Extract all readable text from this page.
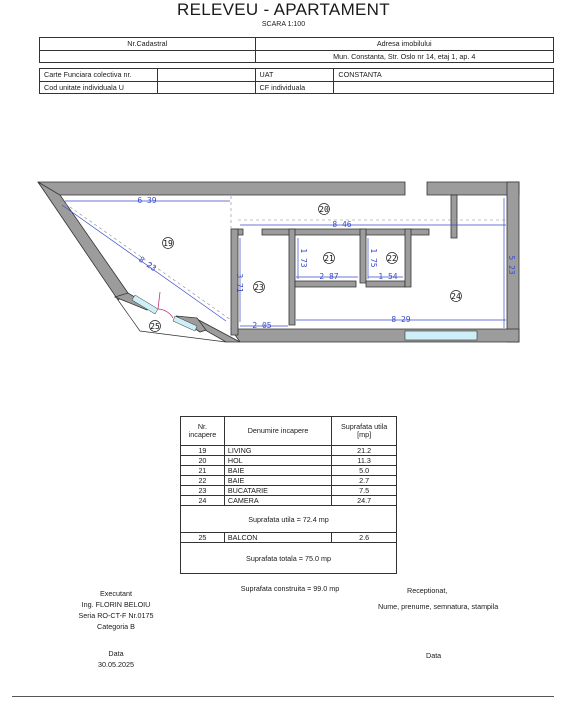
RELEVEU - APARTAMENT
SCARA 1:100
Nr.Cadastral		Adresa imobilului	
		Mun. Constanta, Str. Oslo nr 14, etaj 1, ap. 4	

Carte Funciara colectiva nr.		UAT	CONSTANTA
Cod unitate individuala U		CF individuala	
6 39
8 46
8 23	1 73	1 75
2 87	1 54
3 71
2 05
8 29
5 23
19
20
21	22
23
24
25
Nr. incapere	Denumire incapere	Suprafata utila [mp]
19	LIVING	21.2
20	HOL	11.3
21	BAIE	5.0
22	BAIE	2.7
23	BUCATARIE	7.5
24	CAMERA	24.7
Suprafata utila = 72.4 mp		
25	BALCON	2.6
Suprafata totala = 75.0 mp		
Suprafata construita = 99.0 mp
Executant
Ing. FLORIN BELOIU
Seria RO-CT-F Nr.0175
Categoria B
Receptionat,
Nume, prenume, semnatura, stampila
Data
30.05.2025
Data
